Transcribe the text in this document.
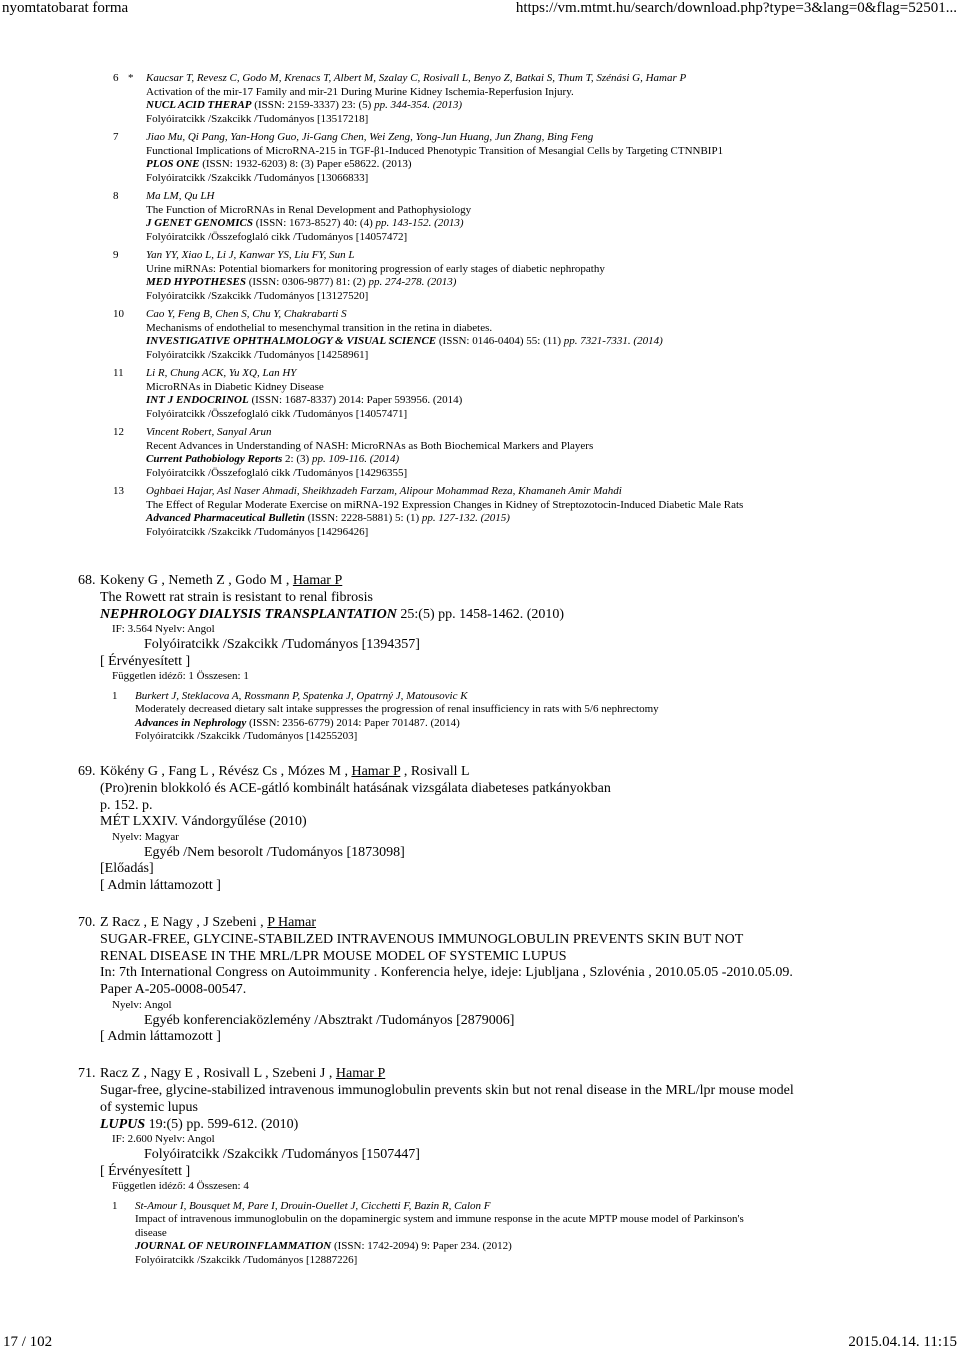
nyomtatobarat forma	https://vm.mtmt.hu/search/download.php?type=3&lang=0&flag=52501...
6 * Kaucsar T, Revesz C, Godo M, Krenacs T, Albert M, Szalay C, Rosivall L, Benyo Z, Batkai S, Thum T, Szénási G, Hamar P
Activation of the mir-17 Family and mir-21 During Murine Kidney Ischemia-Reperfusion Injury.
NUCL ACID THERAP (ISSN: 2159-3337) 23: (5) pp. 344-354. (2013)
Folyóiratcikk /Szakcikk /Tudományos [13517218]
7	Jiao Mu, Qi Pang, Yan-Hong Guo, Ji-Gang Chen, Wei Zeng, Yong-Jun Huang, Jun Zhang, Bing Feng
Functional Implications of MicroRNA-215 in TGF-β1-Induced Phenotypic Transition of Mesangial Cells by Targeting CTNNBIP1
PLOS ONE (ISSN: 1932-6203) 8: (3) Paper e58622. (2013)
Folyóiratcikk /Szakcikk /Tudományos [13066833]
8	Ma LM, Qu LH
The Function of MicroRNAs in Renal Development and Pathophysiology
J GENET GENOMICS (ISSN: 1673-8527) 40: (4) pp. 143-152. (2013)
Folyóiratcikk /Összefoglaló cikk /Tudományos [14057472]
9	Yan YY, Xiao L, Li J, Kanwar YS, Liu FY, Sun L
Urine miRNAs: Potential biomarkers for monitoring progression of early stages of diabetic nephropathy
MED HYPOTHESES (ISSN: 0306-9877) 81: (2) pp. 274-278. (2013)
Folyóiratcikk /Szakcikk /Tudományos [13127520]
10 Cao Y, Feng B, Chen S, Chu Y, Chakrabarti S
Mechanisms of endothelial to mesenchymal transition in the retina in diabetes.
INVESTIGATIVE OPHTHALMOLOGY & VISUAL SCIENCE (ISSN: 0146-0404) 55: (11) pp. 7321-7331. (2014)
Folyóiratcikk /Szakcikk /Tudományos [14258961]
11 Li R, Chung ACK, Yu XQ, Lan HY
MicroRNAs in Diabetic Kidney Disease
INT J ENDOCRINOL (ISSN: 1687-8337) 2014: Paper 593956. (2014)
Folyóiratcikk /Összefoglaló cikk /Tudományos [14057471]
12 Vincent Robert, Sanyal Arun
Recent Advances in Understanding of NASH: MicroRNAs as Both Biochemical Markers and Players
Current Pathobiology Reports 2: (3) pp. 109-116. (2014)
Folyóiratcikk /Összefoglaló cikk /Tudományos [14296355]
13 Oghbaei Hajar, Asl Naser Ahmadi, Sheikhzadeh Farzam, Alipour Mohammad Reza, Khamaneh Amir Mahdi
The Effect of Regular Moderate Exercise on miRNA-192 Expression Changes in Kidney of Streptozotocin-Induced Diabetic Male Rats
Advanced Pharmaceutical Bulletin (ISSN: 2228-5881) 5: (1) pp. 127-132. (2015)
Folyóiratcikk /Szakcikk /Tudományos [14296426]
68. Kokeny G , Nemeth Z , Godo M , Hamar P
The Rowett rat strain is resistant to renal fibrosis
NEPHROLOGY DIALYSIS TRANSPLANTATION 25:(5) pp. 1458-1462. (2010)
IF: 3.564 Nyelv: Angol
Folyóiratcikk /Szakcikk /Tudományos [1394357]
[ Érvényesített ]
Független idéző: 1 Összesen: 1
1 Burkert J, Steklacova A, Rossmann P, Spatenka J, Opatrný J, Matousovic K
Moderately decreased dietary salt intake suppresses the progression of renal insufficiency in rats with 5/6 nephrectomy
Advances in Nephrology (ISSN: 2356-6779) 2014: Paper 701487. (2014)
Folyóiratcikk /Szakcikk /Tudományos [14255203]
69. Kökény G , Fang L , Révész Cs , Mózes M , Hamar P , Rosivall L
(Pro)renin blokkoló és ACE-gátló kombinált hatásának vizsgálata diabeteses patkányokban
p. 152. p.
MÉT LXXIV. Vándorgyűlése (2010)
Nyelv: Magyar
Egyéb /Nem besorolt /Tudományos [1873098]
[Előadás]
[ Admin láttamozott ]
70. Z Racz , E Nagy , J Szebeni , P Hamar
SUGAR-FREE, GLYCINE-STABILZED INTRAVENOUS IMMUNOGLOBULIN PREVENTS SKIN BUT NOT
RENAL DISEASE IN THE MRL/LPR MOUSE MODEL OF SYSTEMIC LUPUS
In: 7th International Congress on Autoimmunity . Konferencia helye, ideje: Ljubljana , Szlovénia , 2010.05.05 -2010.05.09.
Paper A-205-0008-00547.
Nyelv: Angol
Egyéb konferenciaközlemény /Absztrakt /Tudományos [2879006]
[ Admin láttamozott ]
71. Racz Z , Nagy E , Rosivall L , Szebeni J , Hamar P
Sugar-free, glycine-stabilized intravenous immunoglobulin prevents skin but not renal disease in the MRL/lpr mouse model
of systemic lupus
LUPUS 19:(5) pp. 599-612. (2010)
IF: 2.600 Nyelv: Angol
Folyóiratcikk /Szakcikk /Tudományos [1507447]
[ Érvényesített ]
Független idéző: 4 Összesen: 4
1 St-Amour I, Bousquet M, Pare I, Drouin-Ouellet J, Cicchetti F, Bazin R, Calon F
Impact of intravenous immunoglobulin on the dopaminergic system and immune response in the acute MPTP mouse model of Parkinson's
disease
JOURNAL OF NEUROINFLAMMATION (ISSN: 1742-2094) 9: Paper 234. (2012)
Folyóiratcikk /Szakcikk /Tudományos [12887226]
17 / 102	2015.04.14. 11:15
